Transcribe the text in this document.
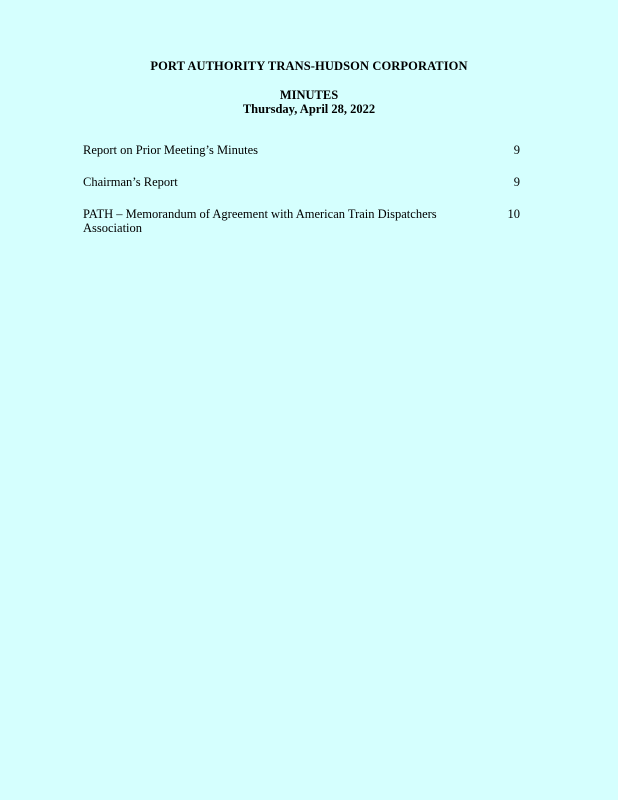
PORT AUTHORITY TRANS-HUDSON CORPORATION
MINUTES
Thursday, April 28, 2022
Report on Prior Meeting’s Minutes	9
Chairman’s Report	9
PATH – Memorandum of Agreement with American Train Dispatchers Association
10
